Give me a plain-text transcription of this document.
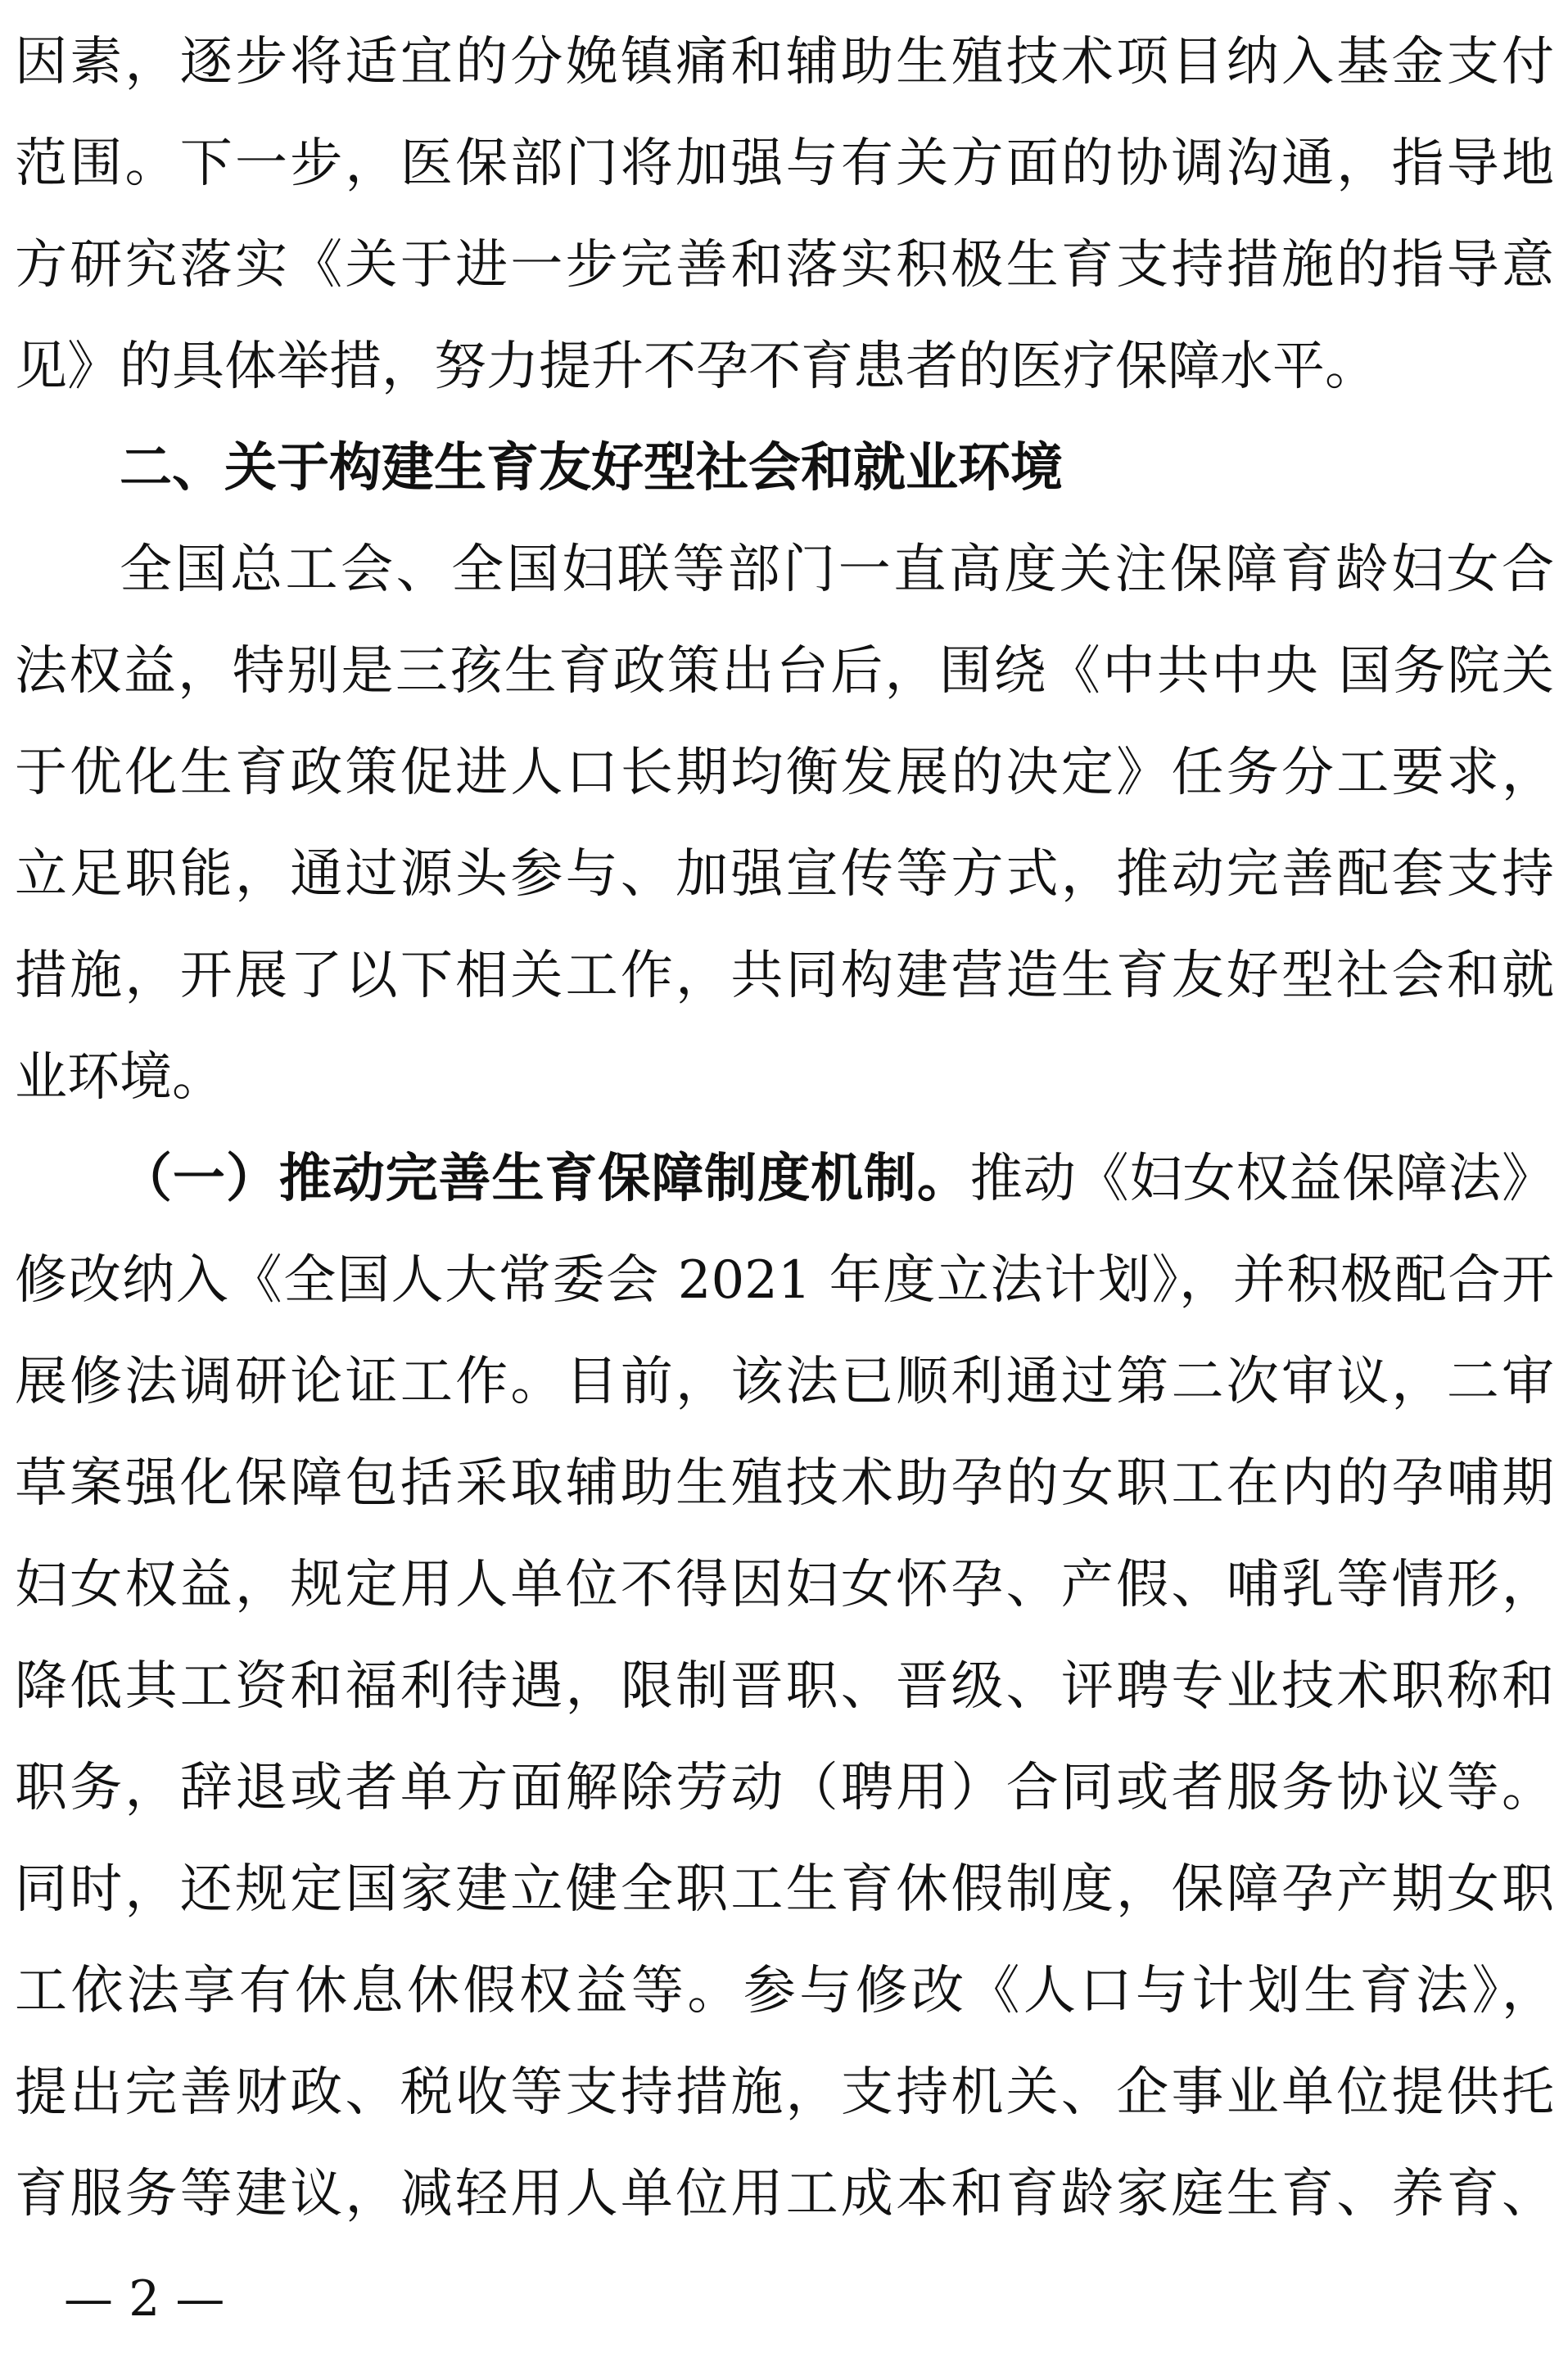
因素，逐步将适宜的分娩镇痛和辅助生殖技术项目纳入基金支付
范围。下一步，医保部门将加强与有关方面的协调沟通，指导地
方研究落实《关于进一步完善和落实积极生育支持措施的指导意
见》的具体举措，努力提升不孕不育患者的医疗保障水平。
二、关于构建生育友好型社会和就业环境
全国总工会、全国妇联等部门一直高度关注保障育龄妇女合
法权益，特别是三孩生育政策出台后，围绕《中共中央 国务院关
于优化生育政策促进人口长期均衡发展的决定》任务分工要求，
立足职能，通过源头参与、加强宣传等方式，推动完善配套支持
措施，开展了以下相关工作，共同构建营造生育友好型社会和就
业环境。
（一）推动完善生育保障制度机制。推动《妇女权益保障法》
修改纳入《全国人大常委会 2021 年度立法计划》，并积极配合开
展修法调研论证工作。目前，该法已顺利通过第二次审议，二审
草案强化保障包括采取辅助生殖技术助孕的女职工在内的孕哺期
妇女权益，规定用人单位不得因妇女怀孕、产假、哺乳等情形，
降低其工资和福利待遇，限制晋职、晋级、评聘专业技术职称和
职务，辞退或者单方面解除劳动（聘用）合同或者服务协议等。
同时，还规定国家建立健全职工生育休假制度，保障孕产期女职
工依法享有休息休假权益等。参与修改《人口与计划生育法》，
提出完善财政、税收等支持措施，支持机关、企事业单位提供托
育服务等建议，减轻用人单位用工成本和育龄家庭生育、养育、
— 2 —
